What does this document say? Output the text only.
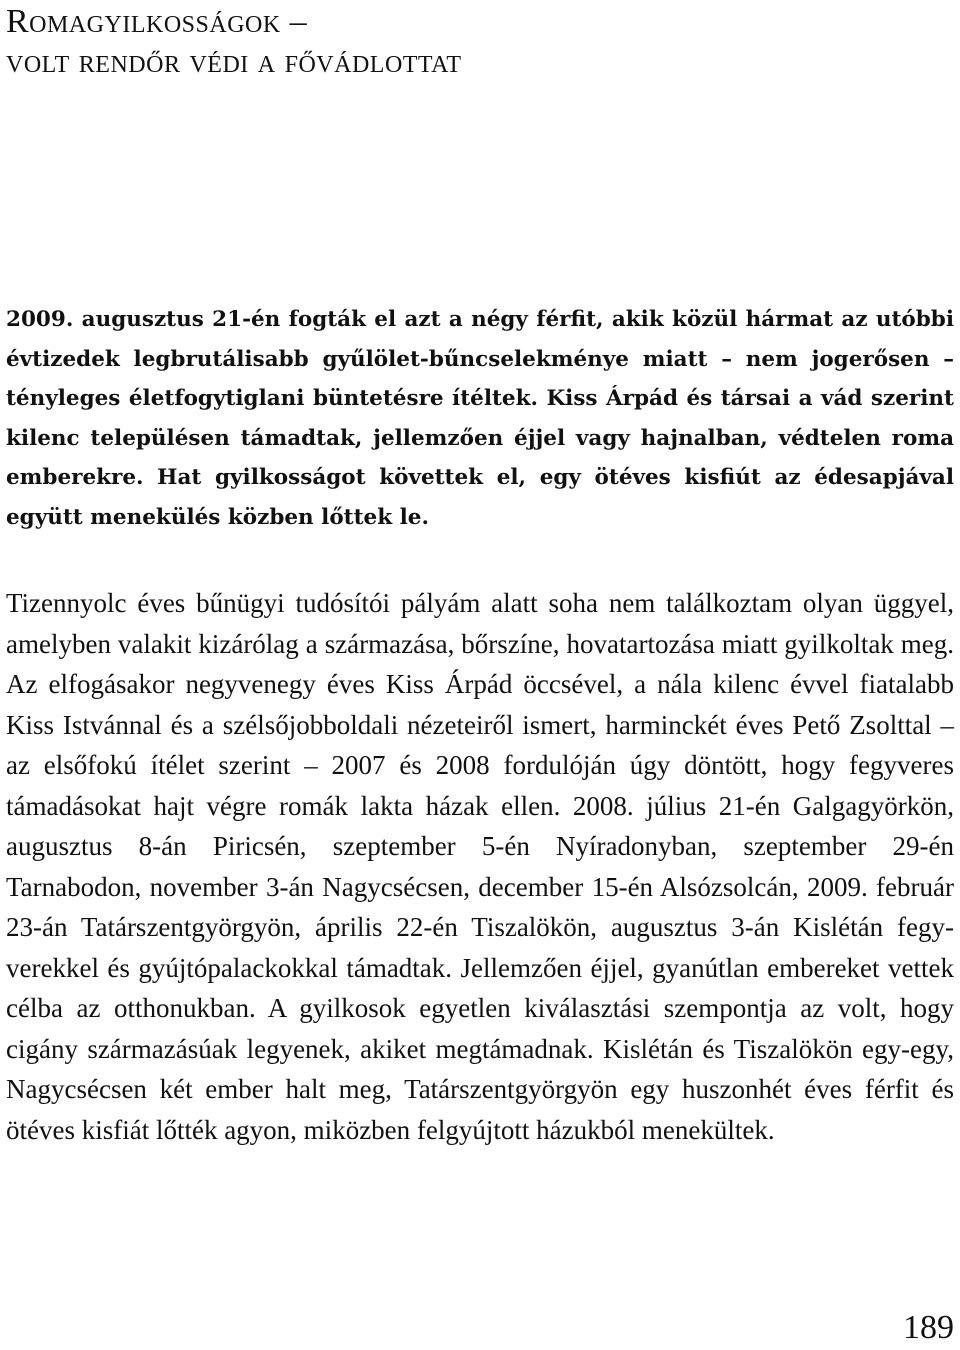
Romagyilkosságok –
volt rendőr védi a fővádlottat

2009. augusztus 21-én fogták el azt a négy férfit, akik közül hármat az utóbbi évtizedek legbrutálisabb gyűlölet-bűncselekménye miatt – nem jogerősen – tényleges életfogytiglani büntetésre ítéltek. Kiss Árpád és társai a vád szerint kilenc településen támadtak, jellemzően éjjel vagy hajnalban, védtelen roma emberekre. Hat gyilkosságot követtek el, egy ötéves kisfiút az édesapjával együtt menekülés közben lőttek le.

Tizennyolc éves bűnügyi tudósítói pályám alatt soha nem találkoztam olyan üggyel, amelyben valakit kizárólag a származása, bőrszíne, hovatartozása miatt gyilkoltak meg. Az elfogásakor negyvenegy éves Kiss Árpád öccsével, a nála kilenc évvel fiatalabb Kiss Istvánnal és a szélsőjobboldali nézeteiről ismert, harminckét éves Pető Zsolttal – az elsőfokú ítélet szerint – 2007 és 2008 fordulóján úgy döntött, hogy fegyveres támadásokat hajt végre romák lakta házak ellen. 2008. július 21-én Galgagyörkön, augusztus 8-án Piricsén, szeptember 5-én Nyíradonyban, szeptember 29-én Tarnabodon, november 3-án Nagycsécsen, december 15-én Alsózsolcán, 2009. február 23-án Tatárszentgyörgyön, április 22-én Tiszalökön, augusztus 3-án Kislétán fegyverekkel és gyújtópalackokkal támadtak. Jellemzően éjjel, gyanútlan embereket vettek célba az otthonukban. A gyilkosok egyetlen kiválasztási szempontja az volt, hogy cigány származásúak legyenek, akiket megtámadnak. Kislétán és Tiszalökön egy-egy, Nagycsécsen két ember halt meg, Tatárszentgyörgyön egy huszonhét éves férfit és ötéves kisfiát lőtték agyon, miközben felgyújtott házukból menekültek.

189
